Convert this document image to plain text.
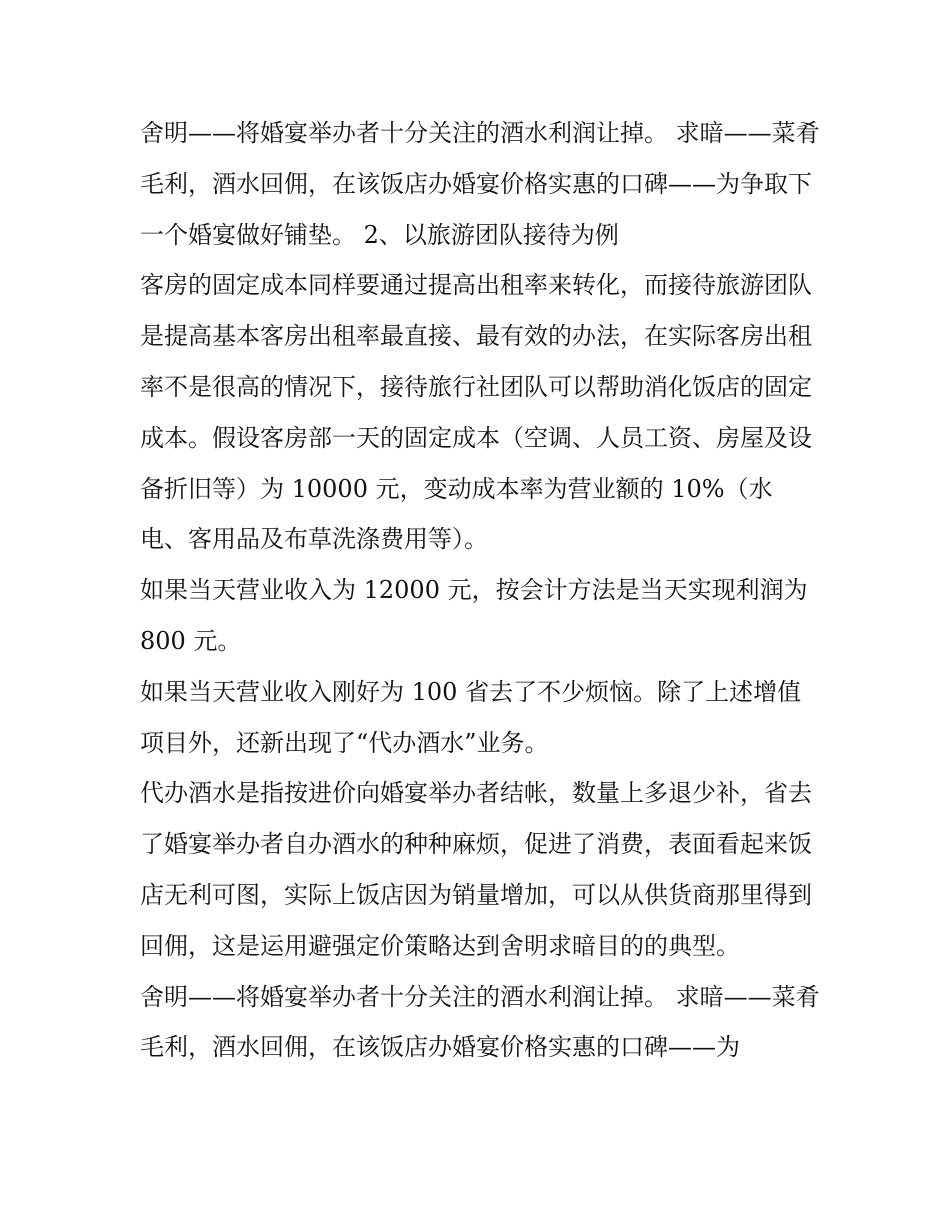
舍明——将婚宴举办者十分关注的酒水利润让掉。 求暗——菜肴毛利，酒水回佣，在该饭店办婚宴价格实惠的口碑——为争取下一个婚宴做好铺垫。 2、以旅游团队接待为例

客房的固定成本同样要通过提高出租率来转化，而接待旅游团队是提高基本客房出租率最直接、最有效的办法，在实际客房出租率不是很高的情况下，接待旅行社团队可以帮助消化饭店的固定成本。假设客房部一天的固定成本（空调、人员工资、房屋及设备折旧等）为 10000 元，变动成本率为营业额的 10%（水电、客用品及布草洗涤费用等）。

如果当天营业收入为 12000 元，按会计方法是当天实现利润为 800 元。

如果当天营业收入刚好为 100 省去了不少烦恼。除了上述增值项目外，还新出现了“代办酒水”业务。

代办酒水是指按进价向婚宴举办者结帐，数量上多退少补，省去了婚宴举办者自办酒水的种种麻烦，促进了消费，表面看起来饭店无利可图，实际上饭店因为销量增加，可以从供货商那里得到回佣，这是运用避强定价策略达到舍明求暗目的的典型。

舍明——将婚宴举办者十分关注的酒水利润让掉。 求暗——菜肴毛利，酒水回佣，在该饭店办婚宴价格实惠的口碑——为
